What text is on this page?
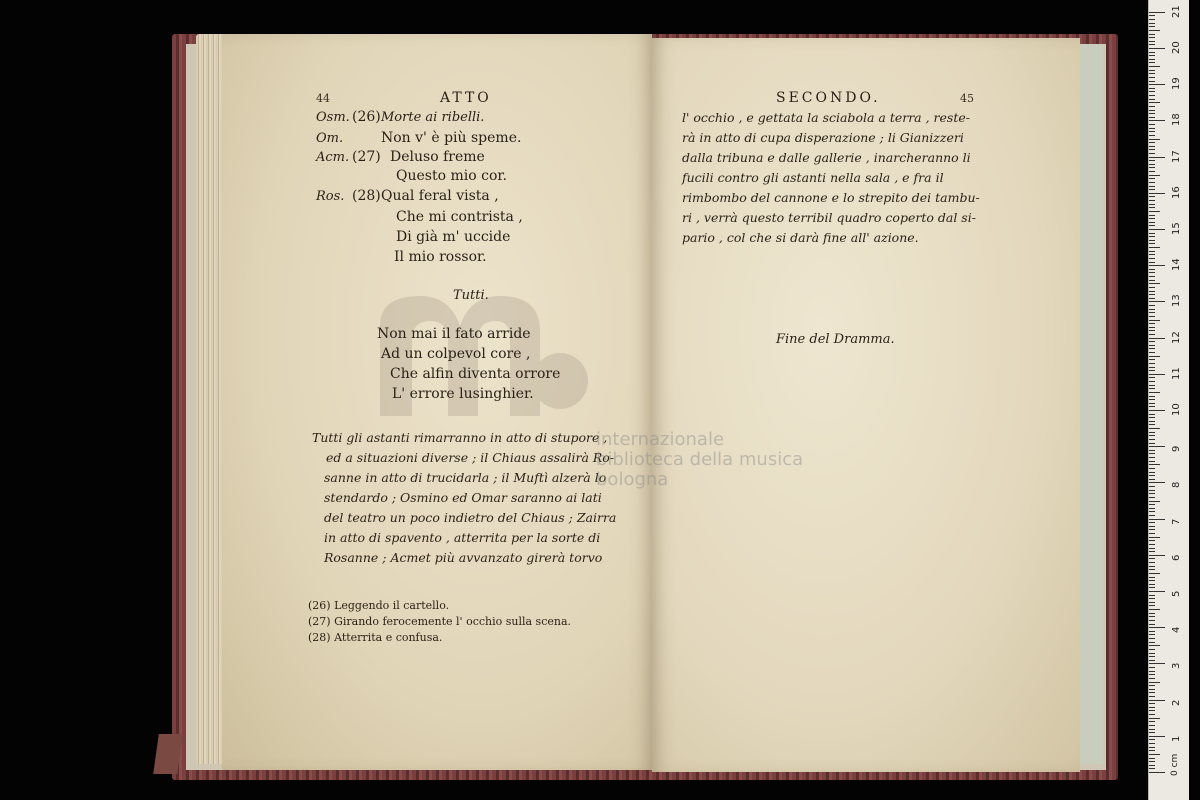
44	ATTO
Osm. (26) Morte ai ribelli.
Om.	Non v' è più speme.
Acm. (27) Deluso freme
Questo mio cor.
Ros. (28) Qual feral vista ,
Che mi contrista ,
Di già m' uccide
Il mio rossor.
Tutti.
Non mai il fato arride
Ad un colpevol core ,
Che alfin diventa orrore
L' errore lusinghier.
Tutti gli astanti rimarranno in atto di stupore ,
ed a situazioni diverse ; il Chiaus assalirà Ro-
sanne in atto di trucidarla ; il Muftì alzerà lo
stendardo ; Osmino ed Omar saranno ai lati
del teatro un poco indietro del Chiaus ; Zairra
in atto di spavento , atterrita per la sorte di
Rosanne ; Acmet più avvanzato girerà torvo
(26) Leggendo il cartello.
(27) Girando ferocemente l' occhio sulla scena.
(28) Atterrita e confusa.
SECONDO.	45
l' occhio , e gettata la sciabola a terra , reste-
rà in atto di cupa disperazione ; li Gianizzeri
dalla tribuna e dalle gallerie , inarcheranno li
fucili contro gli astanti nella sala , e fra il
rimbombo del cannone e lo strepito dei tambu-
ri , verrà questo terribil quadro coperto dal si-
pario , col che si darà fine all' azione.
Fine del Dramma.
internazionale
biblioteca della musica
bologna
1
2
3
4
5
6
7
8
9
10
11
12
13
14
15
16
17
18
19
20
21
0 cm
